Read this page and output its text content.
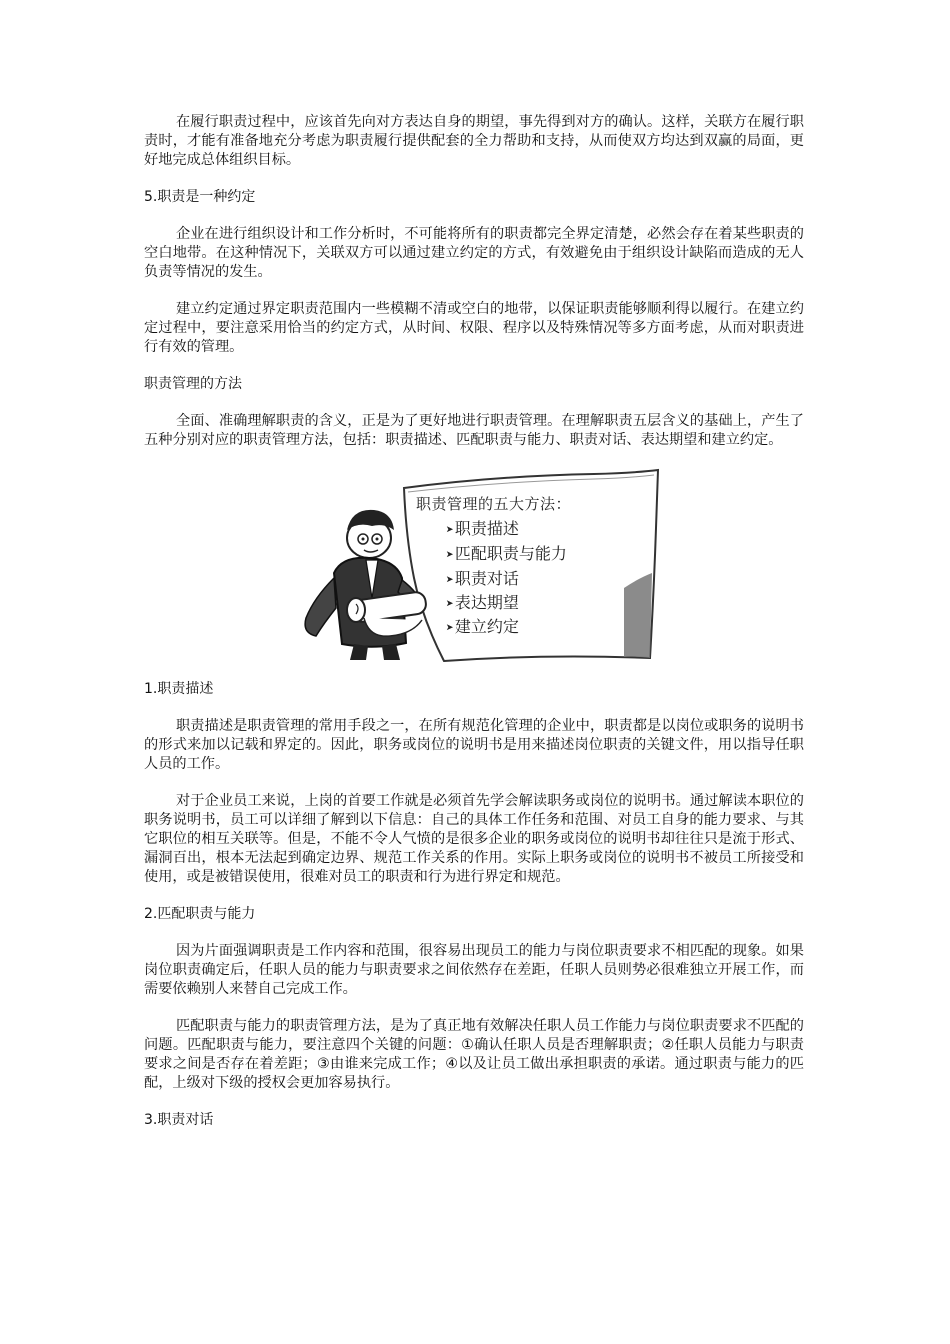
在履行职责过程中，应该首先向对方表达自身的期望，事先得到对方的确认。这样，关联方在履行职责时，才能有准备地充分考虑为职责履行提供配套的全力帮助和支持，从而使双方均达到双赢的局面，更好地完成总体组织目标。

5.职责是一种约定

企业在进行组织设计和工作分析时，不可能将所有的职责都完全界定清楚，必然会存在着某些职责的空白地带。在这种情况下，关联双方可以通过建立约定的方式，有效避免由于组织设计缺陷而造成的无人负责等情况的发生。

建立约定通过界定职责范围内一些模糊不清或空白的地带，以保证职责能够顺利得以履行。在建立约定过程中，要注意采用恰当的约定方式，从时间、权限、程序以及特殊情况等多方面考虑，从而对职责进行有效的管理。

职责管理的方法

全面、准确理解职责的含义，正是为了更好地进行职责管理。在理解职责五层含义的基础上，产生了五种分别对应的职责管理方法，包括：职责描述、匹配职责与能力、职责对话、表达期望和建立约定。

职责管理的五大方法：
➤职责描述
➤匹配职责与能力
➤职责对话
➤表达期望
➤建立约定
1.职责描述

职责描述是职责管理的常用手段之一，在所有规范化管理的企业中，职责都是以岗位或职务的说明书的形式来加以记载和界定的。因此，职务或岗位的说明书是用来描述岗位职责的关键文件，用以指导任职人员的工作。

对于企业员工来说，上岗的首要工作就是必须首先学会解读职务或岗位的说明书。通过解读本职位的职务说明书，员工可以详细了解到以下信息：自己的具体工作任务和范围、对员工自身的能力要求、与其它职位的相互关联等。但是，不能不令人气愤的是很多企业的职务或岗位的说明书却往往只是流于形式、漏洞百出，根本无法起到确定边界、规范工作关系的作用。实际上职务或岗位的说明书不被员工所接受和使用，或是被错误使用，很难对员工的职责和行为进行界定和规范。

2.匹配职责与能力

因为片面强调职责是工作内容和范围，很容易出现员工的能力与岗位职责要求不相匹配的现象。如果岗位职责确定后，任职人员的能力与职责要求之间依然存在差距，任职人员则势必很难独立开展工作，而需要依赖别人来替自己完成工作。

匹配职责与能力的职责管理方法，是为了真正地有效解决任职人员工作能力与岗位职责要求不匹配的问题。匹配职责与能力，要注意四个关键的问题：①确认任职人员是否理解职责；②任职人员能力与职责要求之间是否存在着差距；③由谁来完成工作；④以及让员工做出承担职责的承诺。通过职责与能力的匹配，上级对下级的授权会更加容易执行。

3.职责对话
